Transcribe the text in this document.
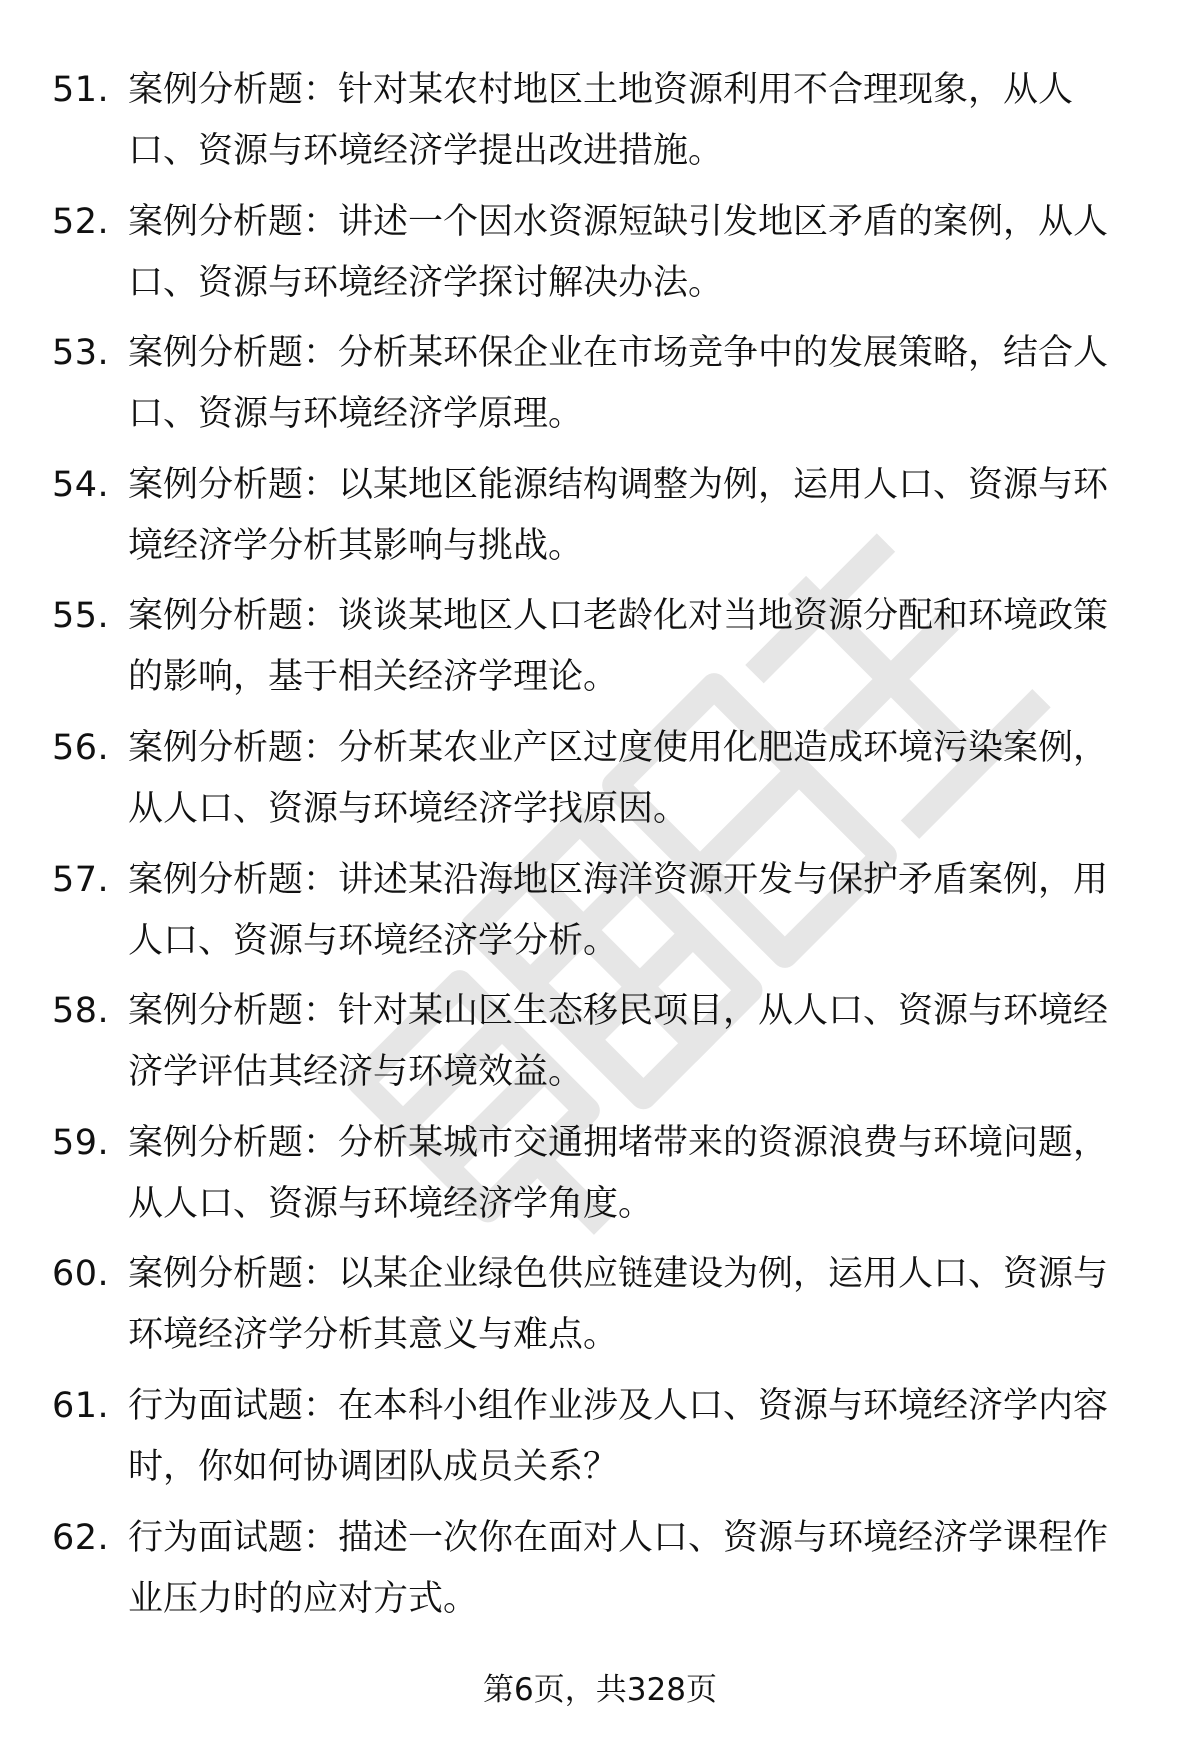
51. 案例分析题：针对某农村地区土地资源利用不合理现象，从人
口、资源与环境经济学提出改进措施。
52. 案例分析题：讲述一个因水资源短缺引发地区矛盾的案例，从人
口、资源与环境经济学探讨解决办法。
53. 案例分析题：分析某环保企业在市场竞争中的发展策略，结合人
口、资源与环境经济学原理。
54. 案例分析题：以某地区能源结构调整为例，运用人口、资源与环
境经济学分析其影响与挑战。
55. 案例分析题：谈谈某地区人口老龄化对当地资源分配和环境政策
的影响，基于相关经济学理论。
56. 案例分析题：分析某农业产区过度使用化肥造成环境污染案例，
从人口、资源与环境经济学找原因。
57. 案例分析题：讲述某沿海地区海洋资源开发与保护矛盾案例，用
人口、资源与环境经济学分析。
58. 案例分析题：针对某山区生态移民项目，从人口、资源与环境经
济学评估其经济与环境效益。
59. 案例分析题：分析某城市交通拥堵带来的资源浪费与环境问题，
从人口、资源与环境经济学角度。
60. 案例分析题：以某企业绿色供应链建设为例，运用人口、资源与
环境经济学分析其意义与难点。
61. 行为面试题：在本科小组作业涉及人口、资源与环境经济学内容
时，你如何协调团队成员关系？
62. 行为面试题：描述一次你在面对人口、资源与环境经济学课程作
业压力时的应对方式。
第6页，共328页
